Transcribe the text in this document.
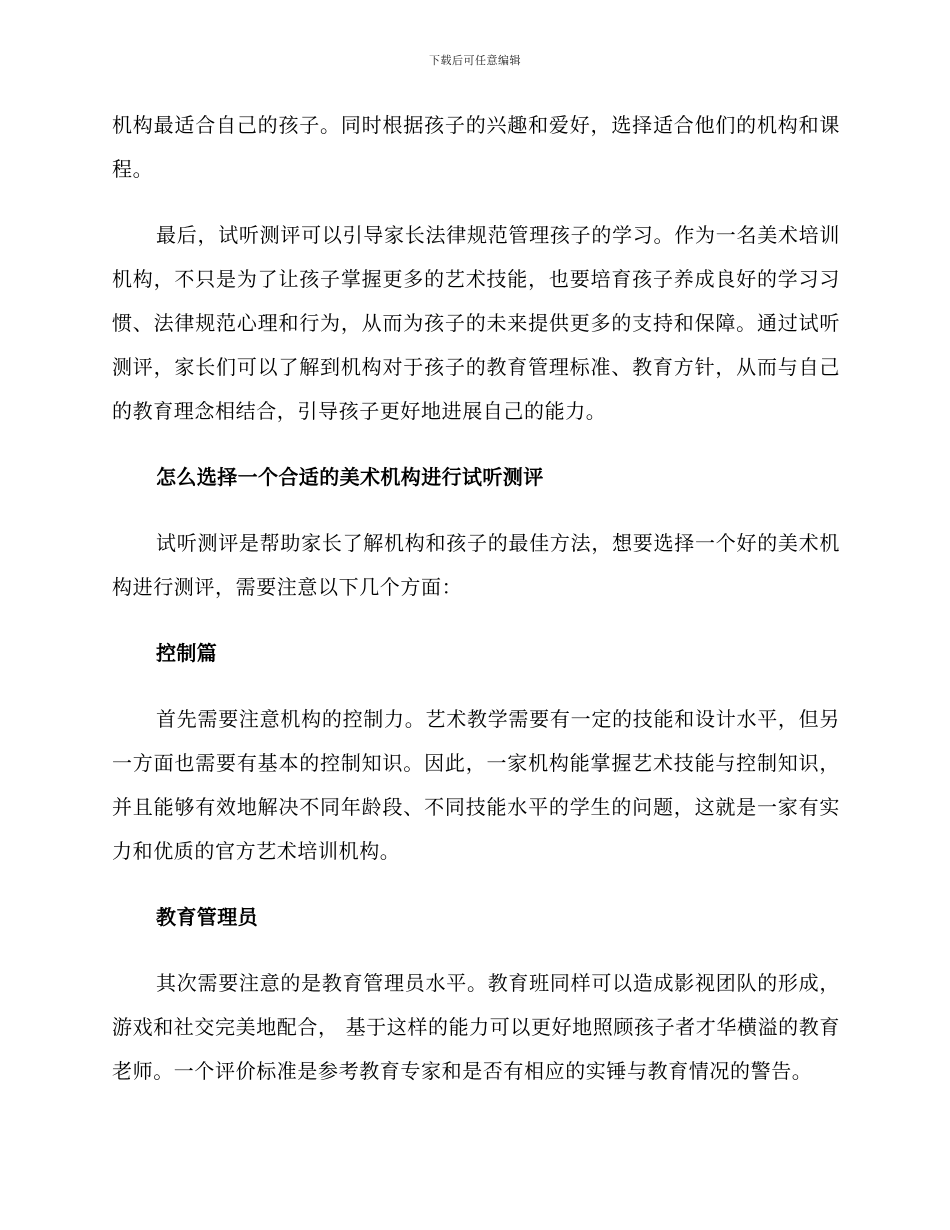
下载后可任意编辑

机构最适合自己的孩子。同时根据孩子的兴趣和爱好，选择适合他们的机构和课程。

最后，试听测评可以引导家长法律规范管理孩子的学习。作为一名美术培训机构，不只是为了让孩子掌握更多的艺术技能，也要培育孩子养成良好的学习习惯、法律规范心理和行为，从而为孩子的未来提供更多的支持和保障。通过试听测评，家长们可以了解到机构对于孩子的教育管理标准、教育方针，从而与自己的教育理念相结合，引导孩子更好地进展自己的能力。

怎么选择一个合适的美术机构进行试听测评

试听测评是帮助家长了解机构和孩子的最佳方法，想要选择一个好的美术机构进行测评，需要注意以下几个方面：

控制篇

首先需要注意机构的控制力。艺术教学需要有一定的技能和设计水平，但另一方面也需要有基本的控制知识。因此，一家机构能掌握艺术技能与控制知识，并且能够有效地解决不同年龄段、不同技能水平的学生的问题，这就是一家有实力和优质的官方艺术培训机构。

教育管理员

其次需要注意的是教育管理员水平。教育班同样可以造成影视团队的形成，游戏和社交完美地配合， 基于这样的能力可以更好地照顾孩子者才华横溢的教育老师。一个评价标准是参考教育专家和是否有相应的实锤与教育情况的警告。
